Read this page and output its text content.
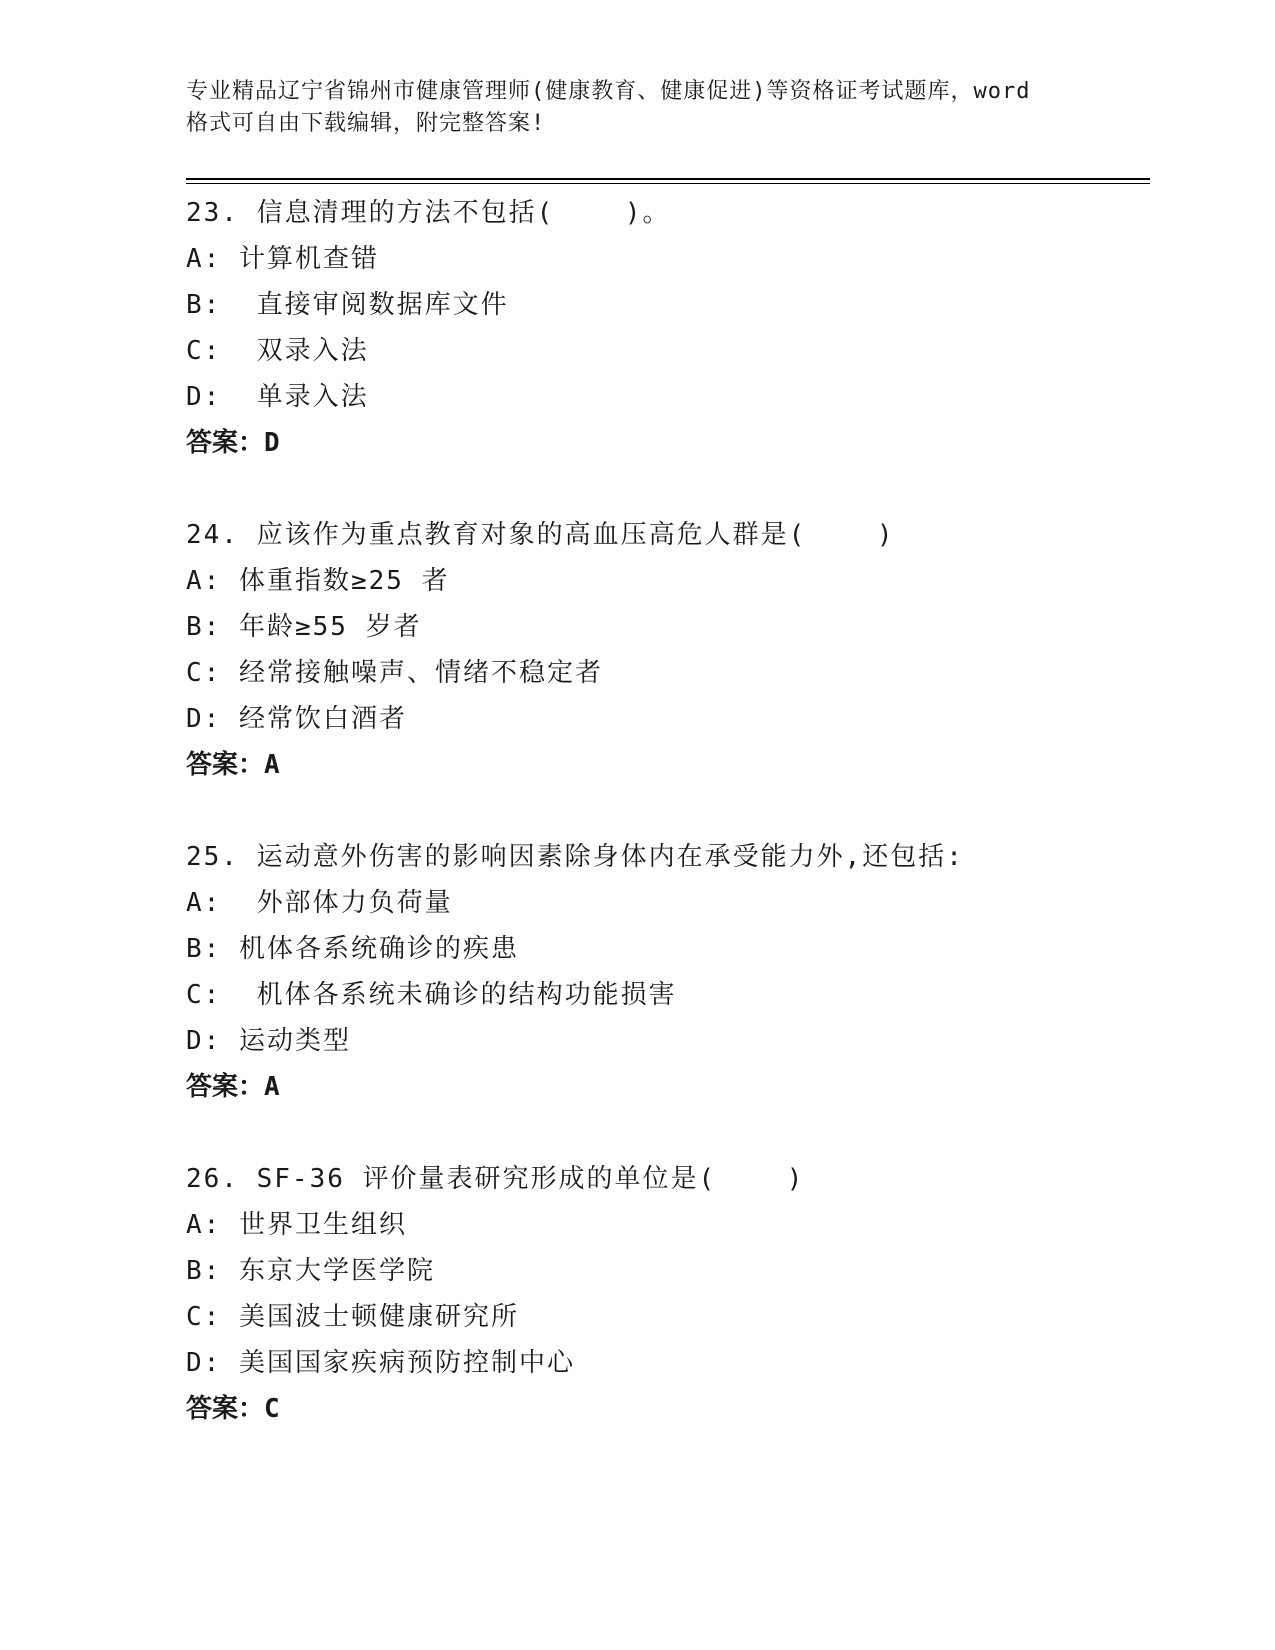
专业精品辽宁省锦州市健康管理师(健康教育、健康促进)等资格证考试题库，word
格式可自由下载编辑，附完整答案!
23. 信息清理的方法不包括(    )。
A: 计算机查错
B:  直接审阅数据库文件
C:  双录入法
D:  单录入法
答案：D
24. 应该作为重点教育对象的高血压高危人群是(    )
A: 体重指数≥25 者
B: 年龄≥55 岁者
C: 经常接触噪声、情绪不稳定者
D: 经常饮白酒者
答案：A
25. 运动意外伤害的影响因素除身体内在承受能力外,还包括:
A:  外部体力负荷量
B: 机体各系统确诊的疾患
C:  机体各系统未确诊的结构功能损害
D: 运动类型
答案：A
26. SF-36 评价量表研究形成的单位是(    )
A: 世界卫生组织
B: 东京大学医学院
C: 美国波士顿健康研究所
D: 美国国家疾病预防控制中心
答案：C
